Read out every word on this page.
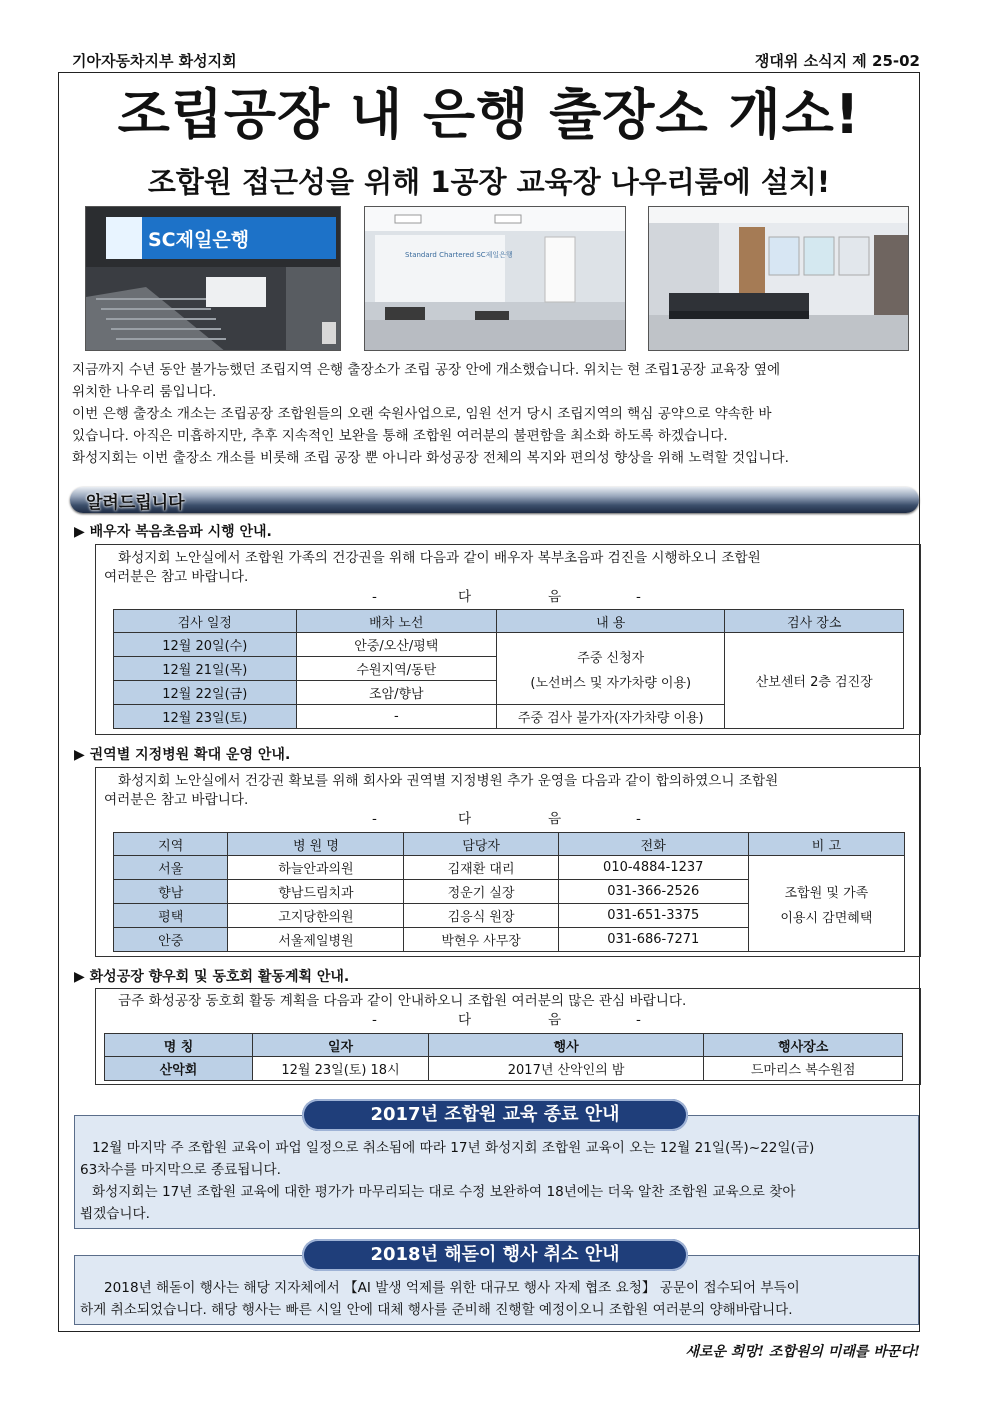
기아자동차지부 화성지회	쟁대위 소식지 제 25-02
조립공장 내 은행 출장소 개소!
조합원 접근성을 위해 1공장 교육장 나우리룸에 설치!
SC제일은행
Standard Chartered SC제일은행
지금까지 수년 동안 불가능했던 조립지역 은행 출장소가 조립 공장 안에 개소했습니다. 위치는 현 조립1공장 교육장 옆에
위치한 나우리 룸입니다.
이번 은행 출장소 개소는 조립공장 조합원들의 오랜 숙원사업으로, 임원 선거 당시 조립지역의 핵심 공약으로 약속한 바
있습니다. 아직은 미흡하지만, 추후 지속적인 보완을 통해 조합원 여러분의 불편함을 최소화 하도록 하겠습니다.
화성지회는 이번 출장소 개소를 비롯해 조립 공장 뿐 아니라 화성공장 전체의 복지와 편의성 향상을 위해 노력할 것입니다.
알려드립니다
▶ 배우자 복음초음파 시행 안내.
화성지회 노안실에서 조합원 가족의 건강권을 위해 다음과 같이 배우자 복부초음파 검진을 시행하오니 조합원
여러분은 참고 바랍니다.
-	다	음	-
검사 일정	배차 노선	내 용	검사 장소
12월 20일(수)	안중/오산/평택	주중 신청자
(노선버스 및 자가차량 이용)	산보센터 2층 검진장
12월 21일(목)	수원지역/동탄		
12월 22일(금)	조암/향남		
12월 23일(토)	-	주중 검사 불가자(자가차량 이용)	
▶ 권역별 지정병원 확대 운영 안내.
화성지회 노안실에서 건강권 확보를 위해 회사와 권역별 지정병원 추가 운영을 다음과 같이 합의하였으니 조합원
여러분은 참고 바랍니다.
-	다	음	-
지역	병 원 명	담당자	전화	비 고
서울	하늘안과의원	김재환 대리	010-4884-1237	조합원 및 가족
이용시 감면혜택

향남	향남드림치과	정운기 실장	031-366-2526	
평택	고지당한의원	김응식 원장	031-651-3375	
안중	서울제일병원	박현우 사무장	031-686-7271	
▶ 화성공장 향우회 및 동호회 활동계획 안내.
금주 화성공장 동호회 활동 계획을 다음과 같이 안내하오니 조합원 여러분의 많은 관심 바랍니다.
-	다	음	-
명 칭	일자	행사	행사장소
산악회	12월 23일(토) 18시	2017년 산악인의 밤	드마리스 복수원점
2017년 조합원 교육 종료 안내
12월 마지막 주 조합원 교육이 파업 일정으로 취소됨에 따라 17년 화성지회 조합원 교육이 오는 12월 21일(목)~22일(금)
63차수를 마지막으로 종료됩니다.
화성지회는 17년 조합원 교육에 대한 평가가 마무리되는 대로 수정 보완하여 18년에는 더욱 알찬 조합원 교육으로 찾아
뵙겠습니다.
2018년 해돋이 행사 취소 안내
2018년 해돋이 행사는 해당 지자체에서 【AI 발생 억제를 위한 대규모 행사 자제 협조 요청】 공문이 접수되어 부득이
하게 취소되었습니다. 해당 행사는 빠른 시일 안에 대체 행사를 준비해 진행할 예정이오니 조합원 여러분의 양해바랍니다.
새로운 희망! 조합원의 미래를 바꾼다!
